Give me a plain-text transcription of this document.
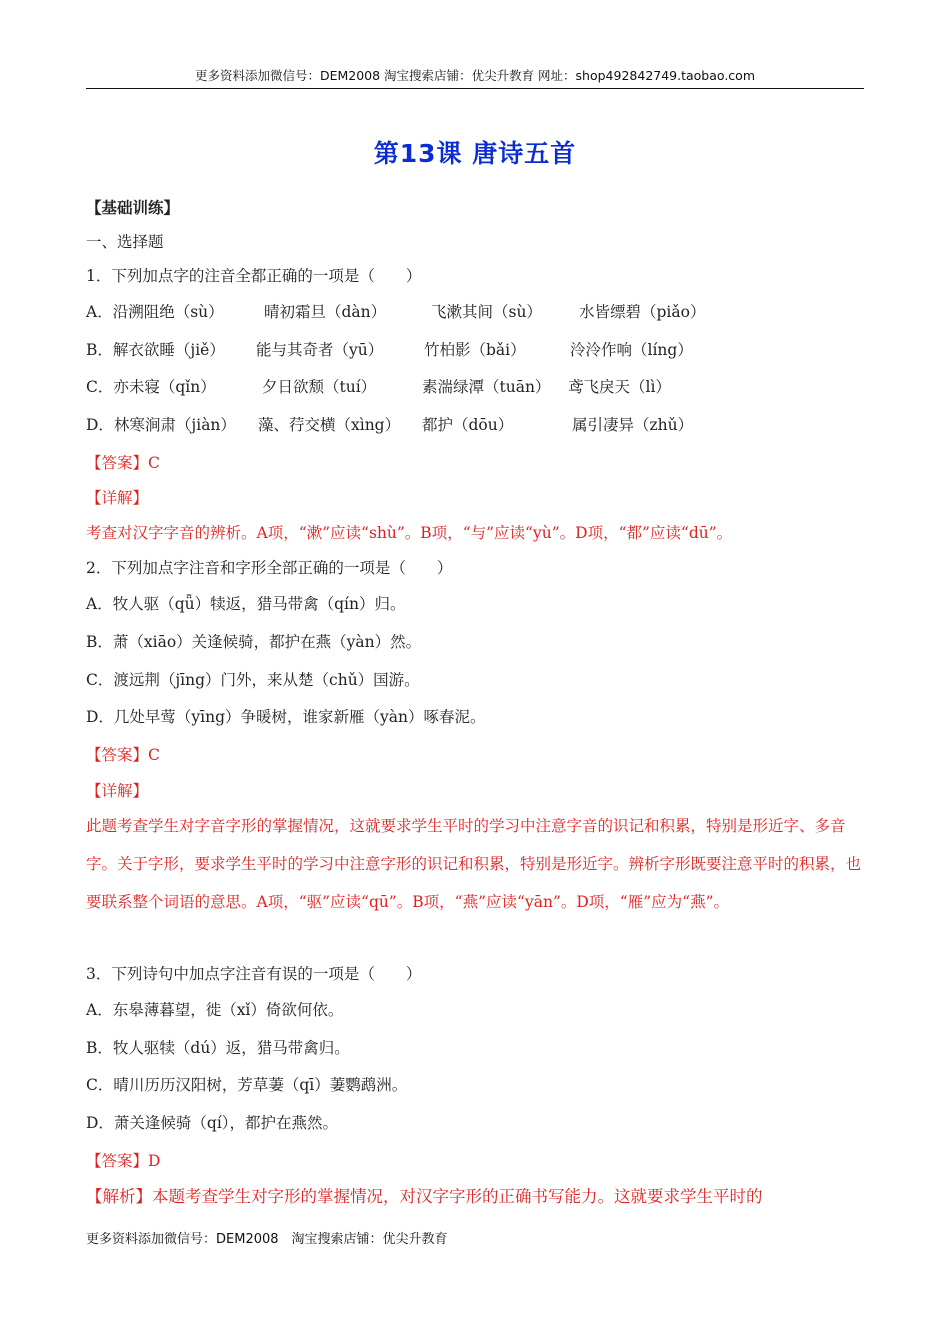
更多资料添加微信号：DEM2008 淘宝搜索店铺：优尖升教育 网址：shop492842749.taobao.com
第13课 唐诗五首
【基础训练】
一、选择题
1．下列加点字的注音全都正确的一项是（　　）
A．沿溯阻绝（sù）	晴初霜旦（dàn）	飞漱其间（sù） 水皆缥碧（piǎo）
B．解衣欲睡（jiě） 能与其奇者（yū）	竹柏影（bǎi）	泠泠作响（líng）
C．亦未寝（qǐn）	夕日欲颓（tuí）	素湍绿潭（tuān） 鸢飞戾天（lì）
D．林寒涧肃（jiàn） 藻、荇交横（xìng） 都护（dōu）	属引凄异（zhǔ）
【答案】C
【详解】
考查对汉字字音的辨析。A项，“漱”应读“shù”。B项，“与”应读“yù”。D项，“都”应读“dū”。
2．下列加点字注音和字形全部正确的一项是（　　）
A．牧人驱（qǖ）犊返，猎马带禽（qín）归。
B．萧（xiāo）关逢候骑，都护在燕（yàn）然。
C．渡远荆（jīng）门外，来从楚（chǔ）国游。
D．几处早莺（yīng）争暖树，谁家新雁（yàn）啄春泥。
【答案】C
【详解】
此题考查学生对字音字形的掌握情况，这就要求学生平时的学习中注意字音的识记和积累，特别是形近字、多音字。关于字形，要求学生平时的学习中注意字形的识记和积累，特别是形近字。辨析字形既要注意平时的积累，也要联系整个词语的意思。A项，“驱”应读“qū”。B项，“燕”应读“yān”。D项，“雁”应为“燕”。
3．下列诗句中加点字注音有误的一项是（　　）
A．东皋薄暮望，徙（xǐ）倚欲何依。
B．牧人驱犊（dú）返，猎马带禽归。
C．晴川历历汉阳树，芳草萋（qī）萋鹦鹉洲。
D．萧关逢候骑（qí），都护在燕然。
【答案】D
【解析】本题考查学生对字形的掌握情况，对汉字字形的正确书写能力。这就要求学生平时的
更多资料添加微信号：DEM2008　淘宝搜索店铺：优尖升教育
